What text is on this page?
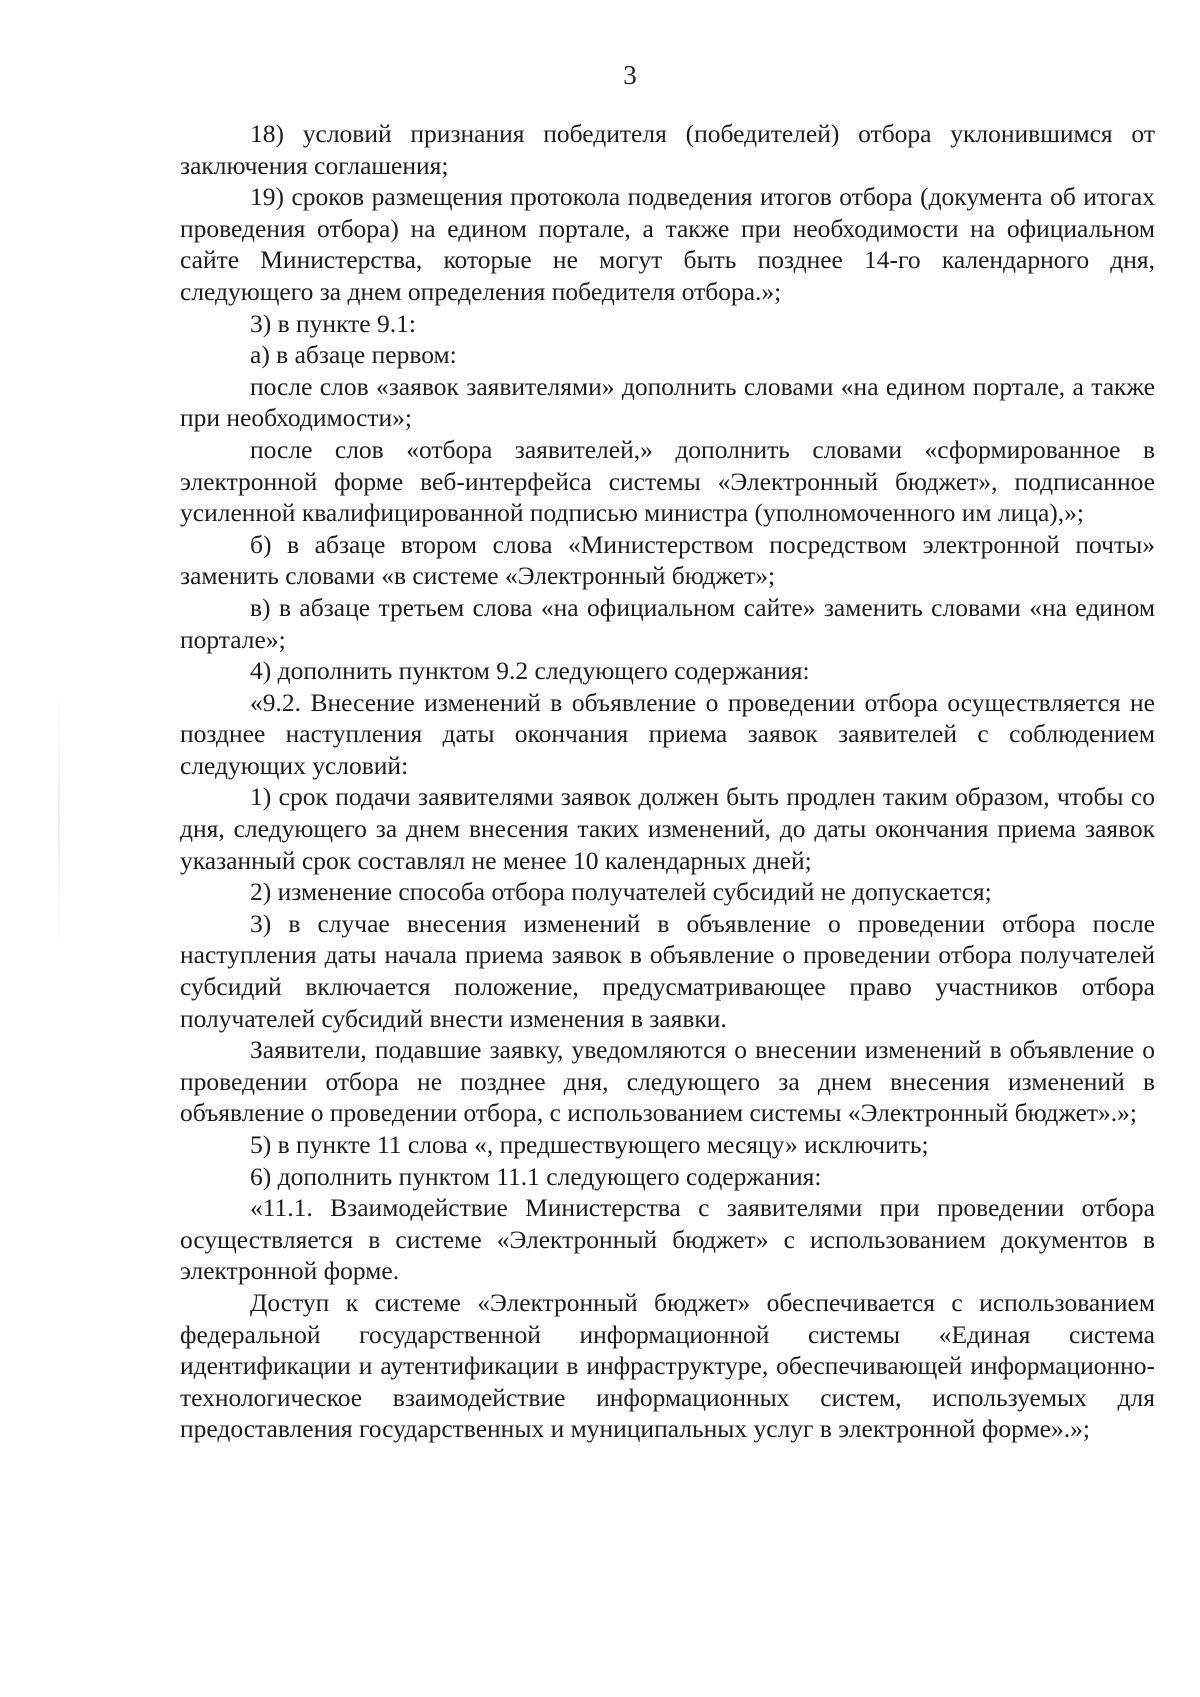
3

18) условий признания победителя (победителей) отбора уклонившимся от заключения соглашения;

19) сроков размещения протокола подведения итогов отбора (документа об итогах проведения отбора) на едином портале, а также при необходимости на официальном сайте Министерства, которые не могут быть позднее 14-го календарного дня, следующего за днем определения победителя отбора.»;

3) в пункте 9.1:

а) в абзаце первом:

после слов «заявок заявителями» дополнить словами «на едином портале, а также при необходимости»;

после слов «отбора заявителей,» дополнить словами «сформированное в электронной форме веб-интерфейса системы «Электронный бюджет», подписанное усиленной квалифицированной подписью министра (уполномоченного им лица),»;

б) в абзаце втором слова «Министерством посредством электронной почты» заменить словами «в системе «Электронный бюджет»;

в) в абзаце третьем слова «на официальном сайте» заменить словами «на едином портале»;

4) дополнить пунктом 9.2 следующего содержания:

«9.2. Внесение изменений в объявление о проведении отбора осуществляется не позднее наступления даты окончания приема заявок заявителей с соблюдением следующих условий:

1) срок подачи заявителями заявок должен быть продлен таким образом, чтобы со дня, следующего за днем внесения таких изменений, до даты окончания приема заявок указанный срок составлял не менее 10 календарных дней;

2) изменение способа отбора получателей субсидий не допускается;

3) в случае внесения изменений в объявление о проведении отбора после наступления даты начала приема заявок в объявление о проведении отбора получателей субсидий включается положение, предусматривающее право участников отбора получателей субсидий внести изменения в заявки.

Заявители, подавшие заявку, уведомляются о внесении изменений в объявление о проведении отбора не позднее дня, следующего за днем внесения изменений в объявление о проведении отбора, с использованием системы «Электронный бюджет».»;

5) в пункте 11 слова «, предшествующего месяцу» исключить;

6) дополнить пунктом 11.1 следующего содержания:

«11.1. Взаимодействие Министерства с заявителями при проведении отбора осуществляется в системе «Электронный бюджет» с использованием документов в электронной форме.

Доступ к системе «Электронный бюджет» обеспечивается с использованием федеральной государственной информационной системы «Единая система идентификации и аутентификации в инфраструктуре, обеспечивающей информационно-технологическое взаимодействие информационных систем, используемых для предоставления государственных и муниципальных услуг в электронной форме».»;
